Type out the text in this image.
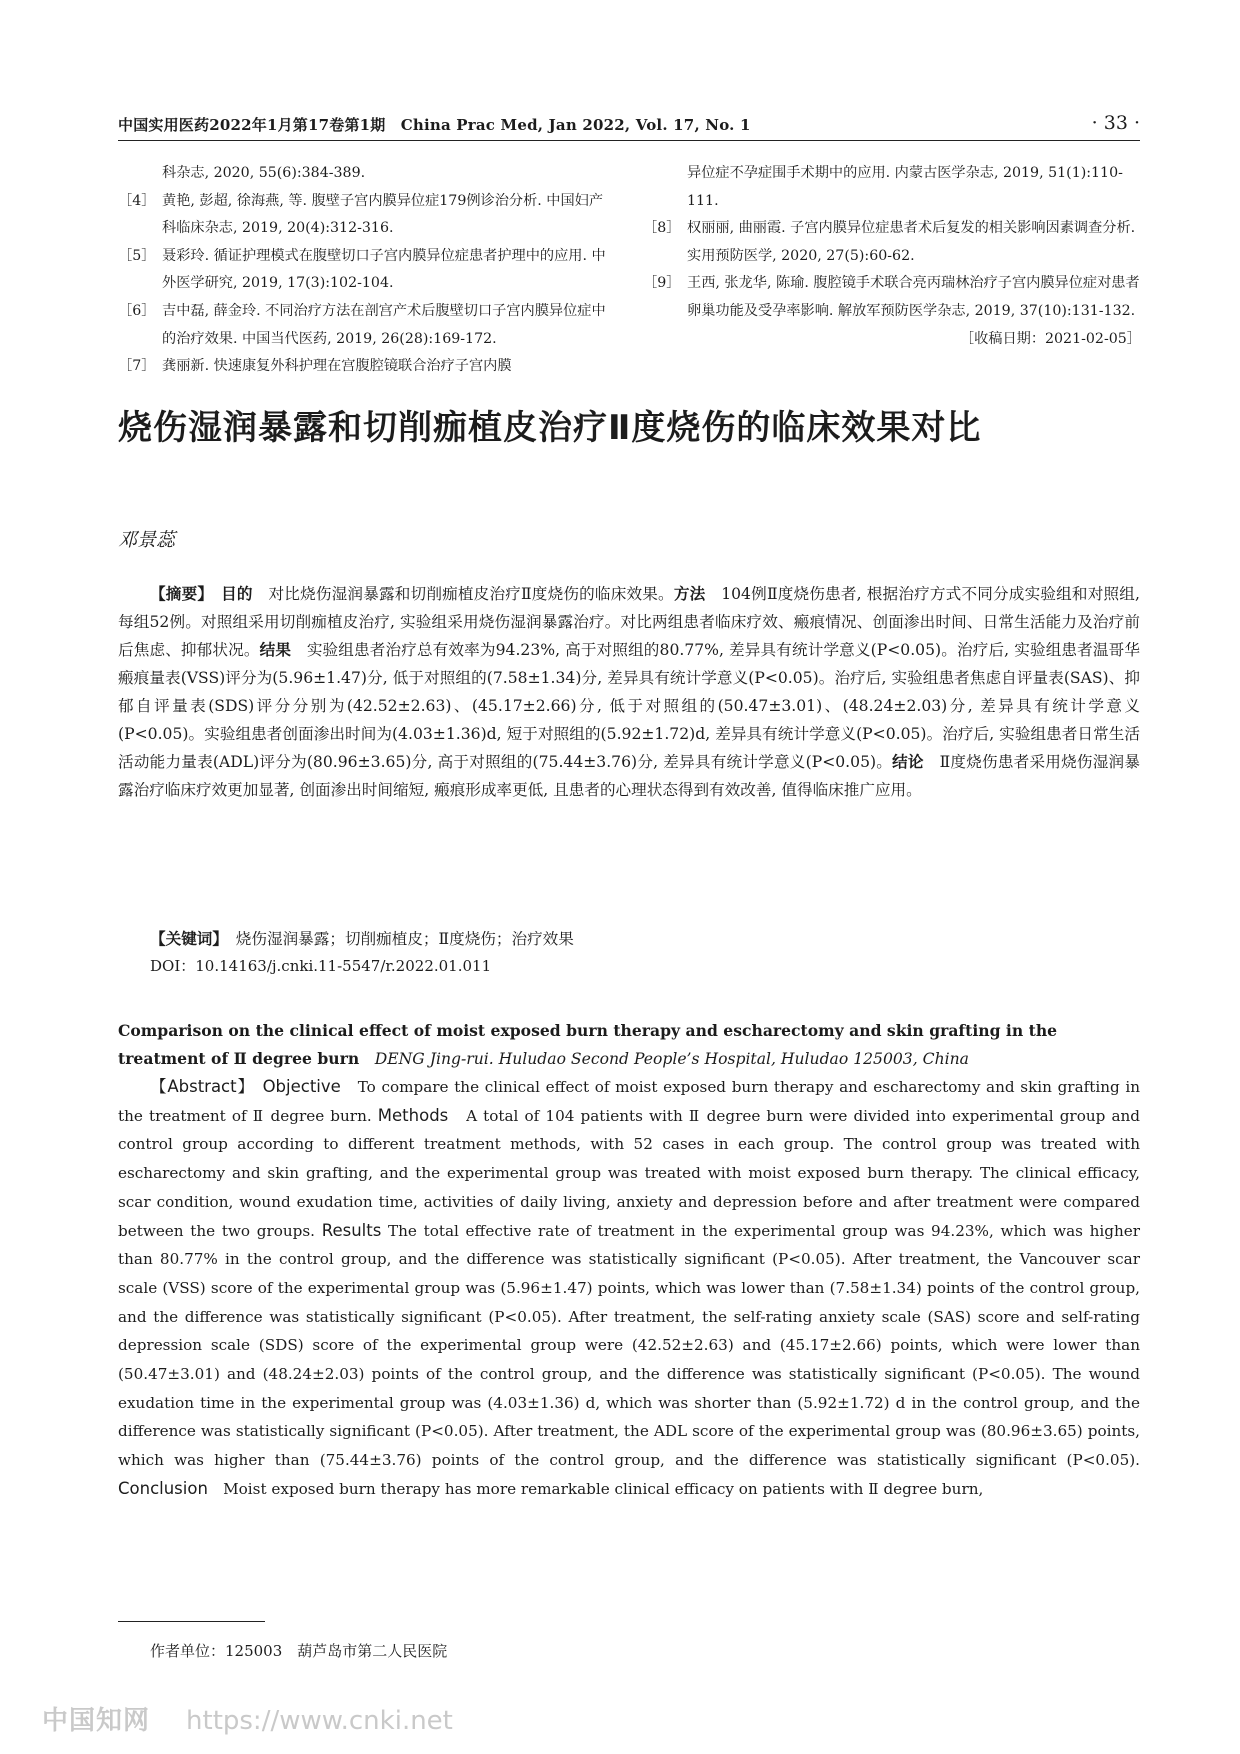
中国实用医药2022年1月第17卷第1期　China Prac Med, Jan 2022, Vol. 17, No. 1	· 33 ·
科杂志, 2020, 55(6):384-389.
［4］ 黄艳, 彭超, 徐海燕, 等. 腹壁子宫内膜异位症179例诊治分析. 中国妇产科临床杂志, 2019, 20(4):312-316.
［5］ 聂彩玲. 循证护理模式在腹壁切口子宫内膜异位症患者护理中的应用. 中外医学研究, 2019, 17(3):102-104.
［6］ 吉中磊, 薛金玲. 不同治疗方法在剖宫产术后腹壁切口子宫内膜异位症中的治疗效果. 中国当代医药, 2019, 26(28):169-172.
［7］ 龚丽新. 快速康复外科护理在宫腹腔镜联合治疗子宫内膜
异位症不孕症围手术期中的应用. 内蒙古医学杂志, 2019, 51(1):110-111.
［8］ 权丽丽, 曲丽霞. 子宫内膜异位症患者术后复发的相关影响因素调查分析. 实用预防医学, 2020, 27(5):60-62.
［9］ 王西, 张龙华, 陈瑜. 腹腔镜手术联合亮丙瑞林治疗子宫内膜异位症对患者卵巢功能及受孕率影响. 解放军预防医学杂志, 2019, 37(10):131-132.
［收稿日期：2021-02-05］
烧伤湿润暴露和切削痂植皮治疗Ⅱ度烧伤的临床效果对比
邓景蕊
【摘要】　 目的　 对比烧伤湿润暴露和切削痂植皮治疗Ⅱ度烧伤的临床效果。方法　 104例Ⅱ度烧伤患者, 根据治疗方式不同分成实验组和对照组, 每组52例。对照组采用切削痂植皮治疗, 实验组采用烧伤湿润暴露治疗。对比两组患者临床疗效、瘢痕情况、创面渗出时间、日常生活能力及治疗前后焦虑、抑郁状况。结果　 实验组患者治疗总有效率为94.23%, 高于对照组的80.77%, 差异具有统计学意义(P<0.05)。治疗后, 实验组患者温哥华瘢痕量表(VSS)评分为(5.96±1.47)分, 低于对照组的(7.58±1.34)分, 差异具有统计学意义(P<0.05)。治疗后, 实验组患者焦虑自评量表(SAS)、抑郁自评量表(SDS)评分分别为(42.52±2.63)、(45.17±2.66)分, 低于对照组的(50.47±3.01)、(48.24±2.03)分, 差异具有统计学意义(P<0.05)。实验组患者创面渗出时间为(4.03±1.36)d, 短于对照组的(5.92±1.72)d, 差异具有统计学意义(P<0.05)。治疗后, 实验组患者日常生活活动能力量表(ADL)评分为(80.96±3.65)分, 高于对照组的(75.44±3.76)分, 差异具有统计学意义(P<0.05)。结论　 Ⅱ度烧伤患者采用烧伤湿润暴露治疗临床疗效更加显著, 创面渗出时间缩短, 瘢痕形成率更低, 且患者的心理状态得到有效改善, 值得临床推广应用。
【关键词】　 烧伤湿润暴露；切削痂植皮；Ⅱ度烧伤；治疗效果
DOI：10.14163/j.cnki.11-5547/r.2022.01.011
Comparison on the clinical effect of moist exposed burn therapy and escharectomy and skin grafting in the treatment of Ⅱ degree burn　 DENG Jing-rui. Huludao Second People’s Hospital, Huludao 125003, China
【Abstract】　 Objective　 To compare the clinical effect of moist exposed burn therapy and escharectomy and skin grafting in the treatment of Ⅱ degree burn. Methods　 A total of 104 patients with Ⅱ degree burn were divided into experimental group and control group according to different treatment methods, with 52 cases in each group. The control group was treated with escharectomy and skin grafting, and the experimental group was treated with moist exposed burn therapy. The clinical efficacy, scar condition, wound exudation time, activities of daily living, anxiety and depression before and after treatment were compared between the two groups. Results The total effective rate of treatment in the experimental group was 94.23%, which was higher than 80.77% in the control group, and the difference was statistically significant (P<0.05). After treatment, the Vancouver scar scale (VSS) score of the experimental group was (5.96±1.47) points, which was lower than (7.58±1.34) points of the control group, and the difference was statistically significant (P<0.05). After treatment, the self-rating anxiety scale (SAS) score and self-rating depression scale (SDS) score of the experimental group were (42.52±2.63) and (45.17±2.66) points, which were lower than (50.47±3.01) and (48.24±2.03) points of the control group, and the difference was statistically significant (P<0.05). The wound exudation time in the experimental group was (4.03±1.36) d, which was shorter than (5.92±1.72) d in the control group, and the difference was statistically significant (P<0.05). After treatment, the ADL score of the experimental group was (80.96±3.65) points, which was higher than (75.44±3.76) points of the control group, and the difference was statistically significant (P<0.05). Conclusion　 Moist exposed burn therapy has more remarkable clinical efficacy on patients with Ⅱ degree burn,
作者单位：125003　葫芦岛市第二人民医院
中国知网 https://www.cnki.net
